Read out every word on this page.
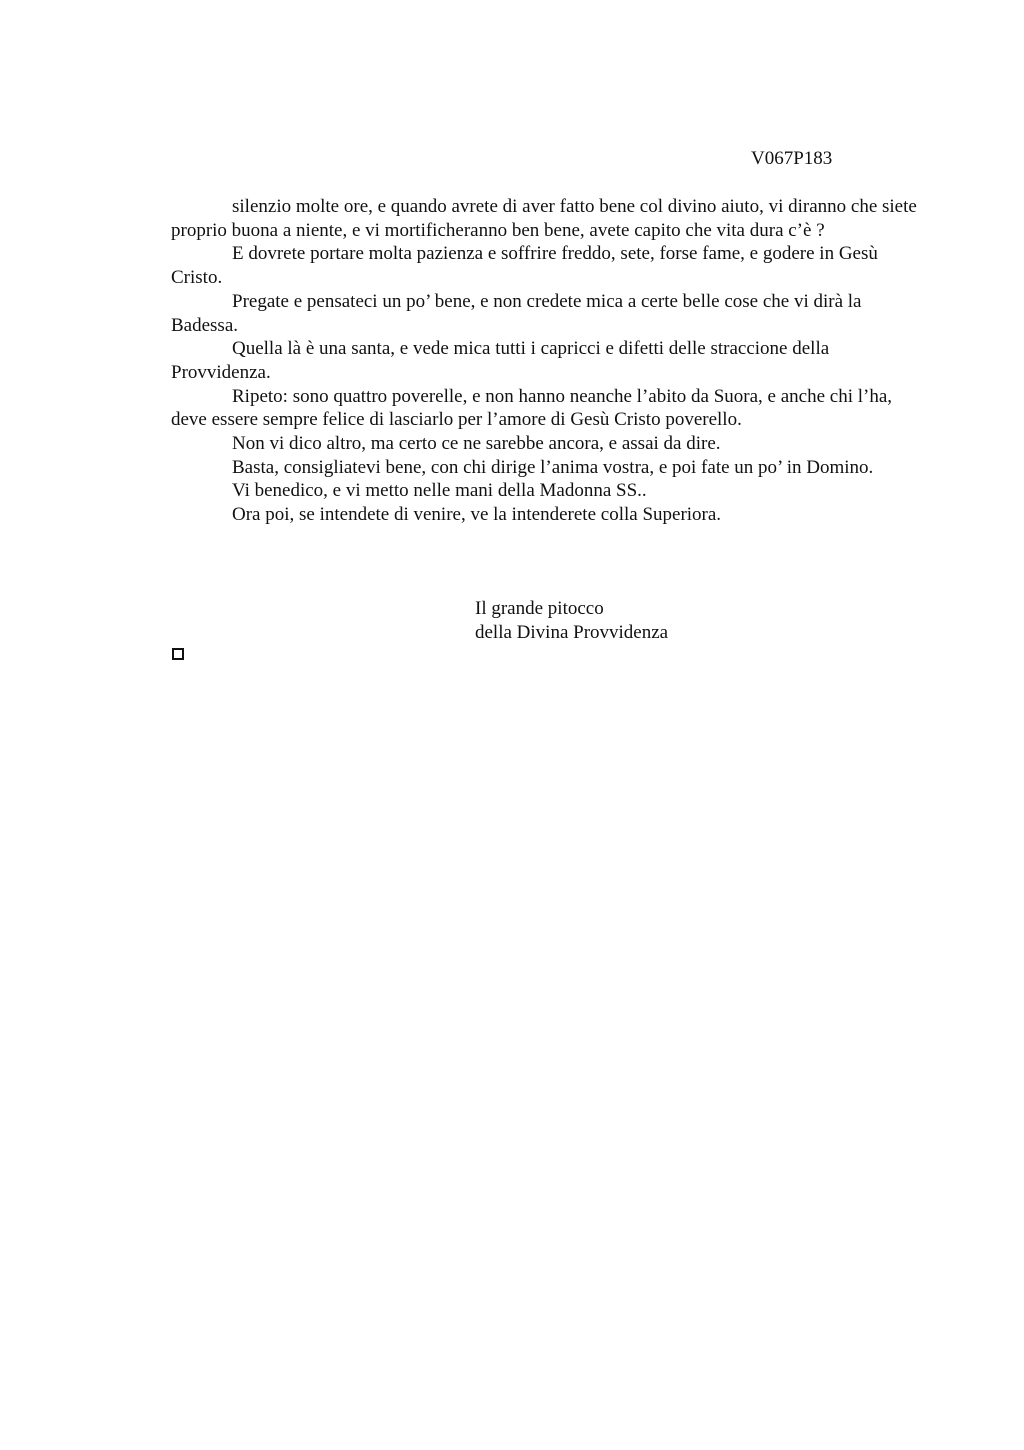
V067P183

silenzio molte ore, e quando avrete di aver fatto bene col divino aiuto, vi diranno che siete proprio buona a niente, e vi mortificheranno ben bene, avete capito che vita dura c’è ?

E dovrete portare molta pazienza e soffrire freddo, sete, forse fame, e godere in Gesù Cristo.

Pregate e pensateci un po’ bene, e non credete mica a certe belle cose che vi dirà la Badessa.

Quella là è una santa, e vede mica tutti i capricci e difetti delle straccione della Provvidenza.

Ripeto: sono quattro poverelle, e non hanno neanche l’abito da Suora, e anche chi l’ha, deve essere sempre felice di lasciarlo per l’amore di Gesù Cristo poverello.

Non vi dico altro, ma certo ce ne sarebbe ancora, e assai da dire.

Basta, consigliatevi bene, con chi dirige l’anima vostra, e poi fate un po’ in Domino.

Vi benedico, e vi metto nelle mani della Madonna SS..

Ora poi, se intendete di venire, ve la intenderete colla Superiora.

Il grande pitocco
della Divina Provvidenza
